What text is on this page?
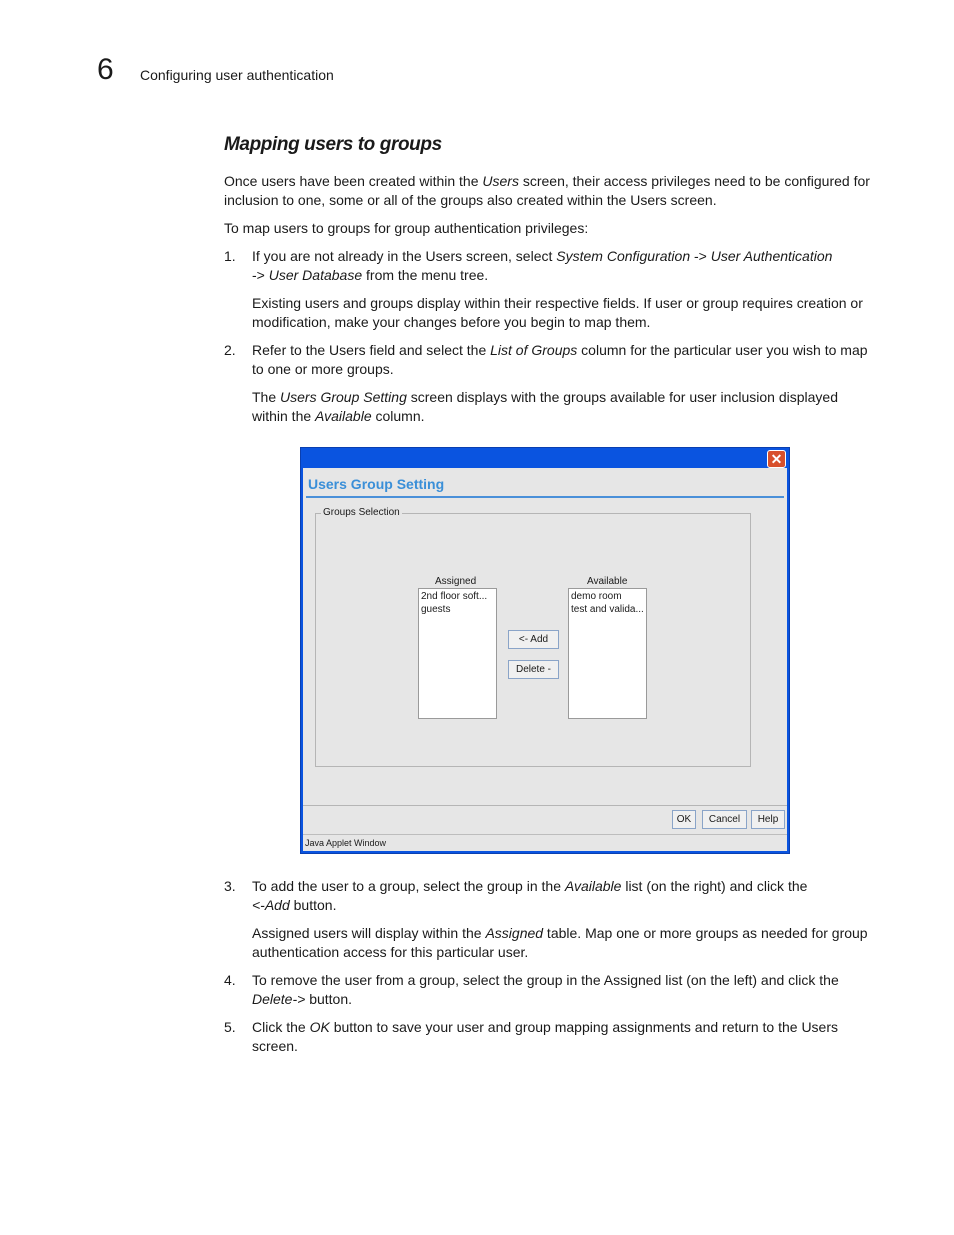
6 Configuring user authentication
Mapping users to groups

Once users have been created within the Users screen, their access privileges need to be configured for inclusion to one, some or all of the groups also created within the Users screen.

To map users to groups for group authentication privileges:

1. If you are not already in the Users screen, select System Configuration -> User Authentication
-> User Database from the menu tree.
Existing users and groups display within their respective fields. If user or group requires creation or modification, make your changes before you begin to map them.
2. Refer to the Users field and select the List of Groups column for the particular user you wish to map to one or more groups.
The Users Group Setting screen displays with the groups available for user inclusion displayed within the Available column.
3. To add the user to a group, select the group in the Available list (on the right) and click the
<-Add button.
Assigned users will display within the Assigned table. Map one or more groups as needed for group authentication access for this particular user.
4. To remove the user from a group, select the group in the Assigned list (on the left) and click the
Delete-> button.
5. Click the OK button to save your user and group mapping assignments and return to the Users screen.
✕
Users Group Setting
Groups Selection
Assigned	Available
2nd floor soft...
guests
<- Add
Delete -
demo room
test and valida...
OK	Cancel	Help
Java Applet Window
